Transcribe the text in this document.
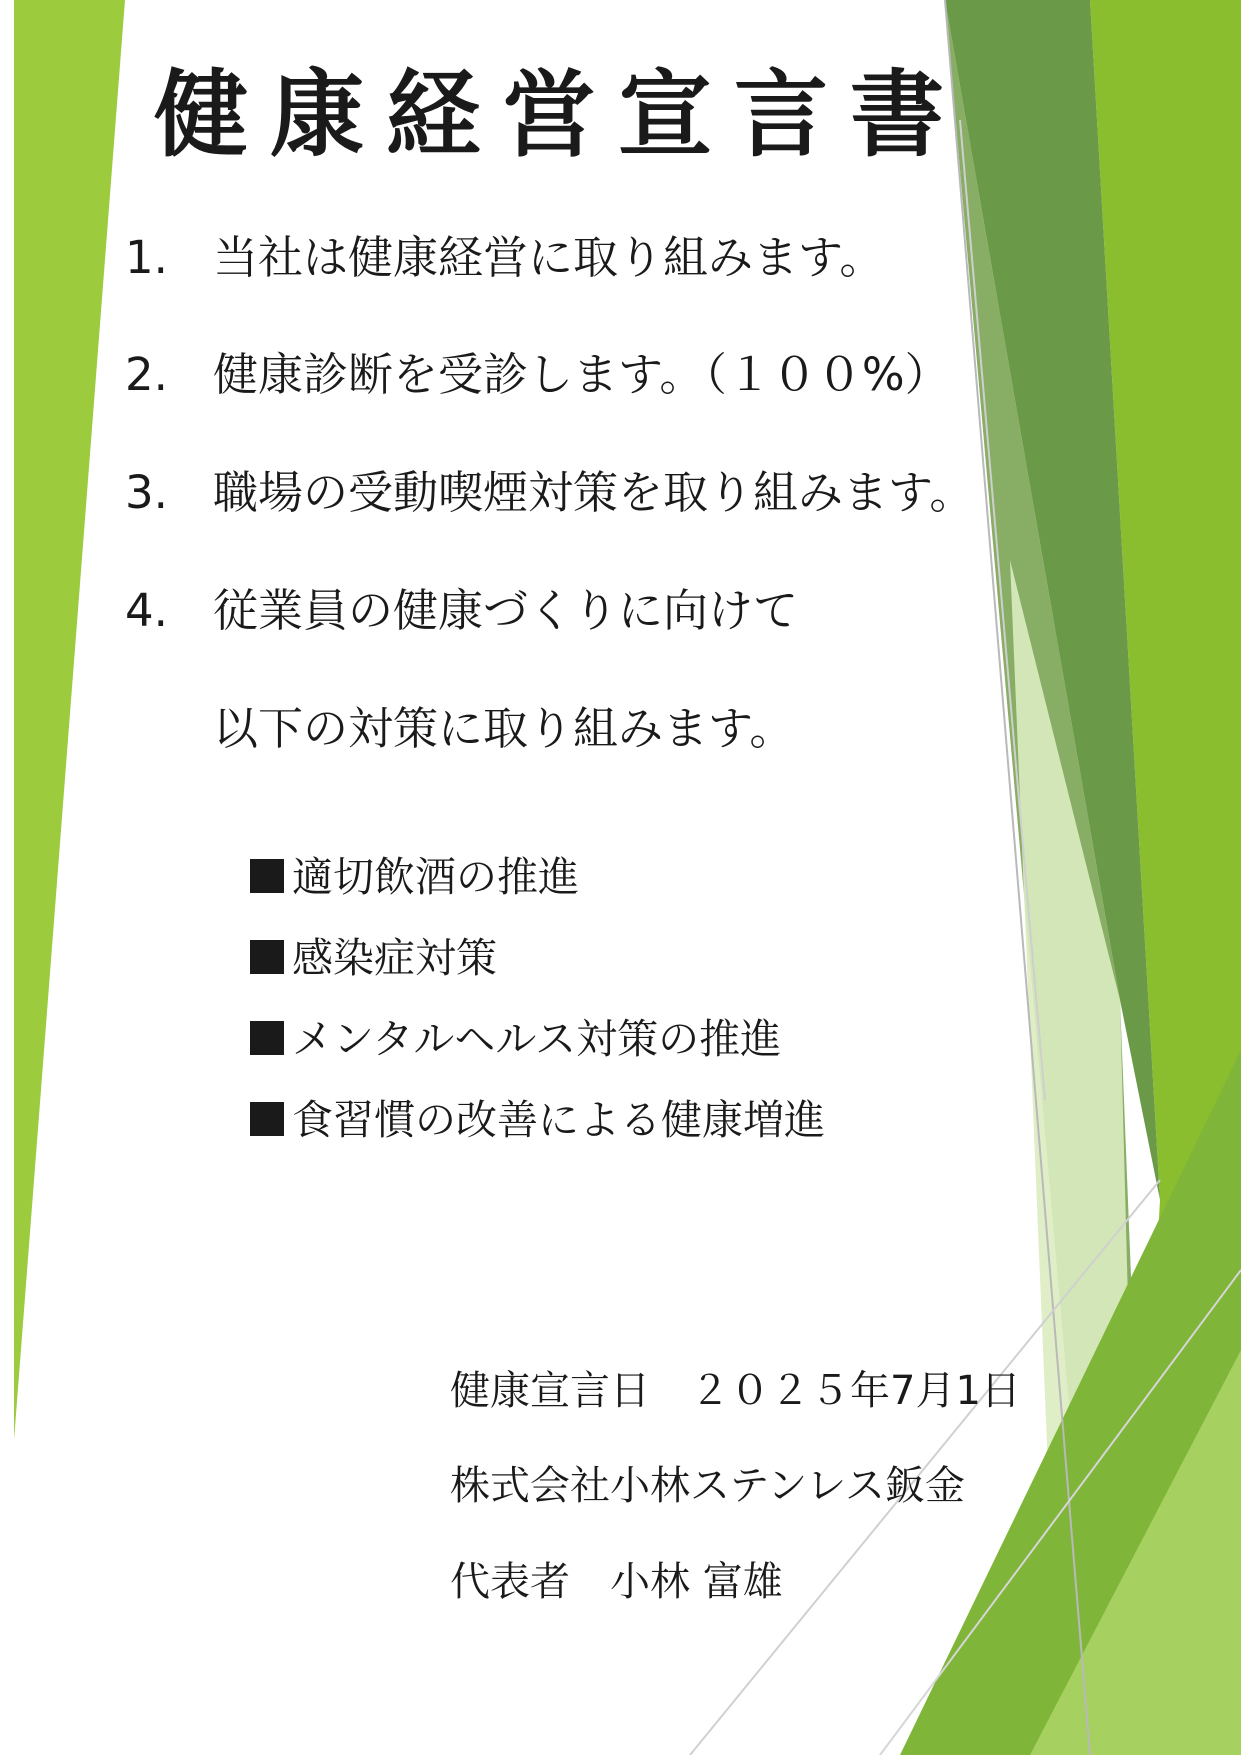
健康経営宣言書
1. 当社は健康経営に取り組みます。
2. 健康診断を受診します。（１００%）
3. 職場の受動喫煙対策を取り組みます。
4. 従業員の健康づくりに向けて
以下の対策に取り組みます。
適切飲酒の推進
感染症対策
メンタルヘルス対策の推進
食習慣の改善による健康増進
健康宣言日　２０２５年7月1日
株式会社小林ステンレス鈑金
代表者　小林 富雄
